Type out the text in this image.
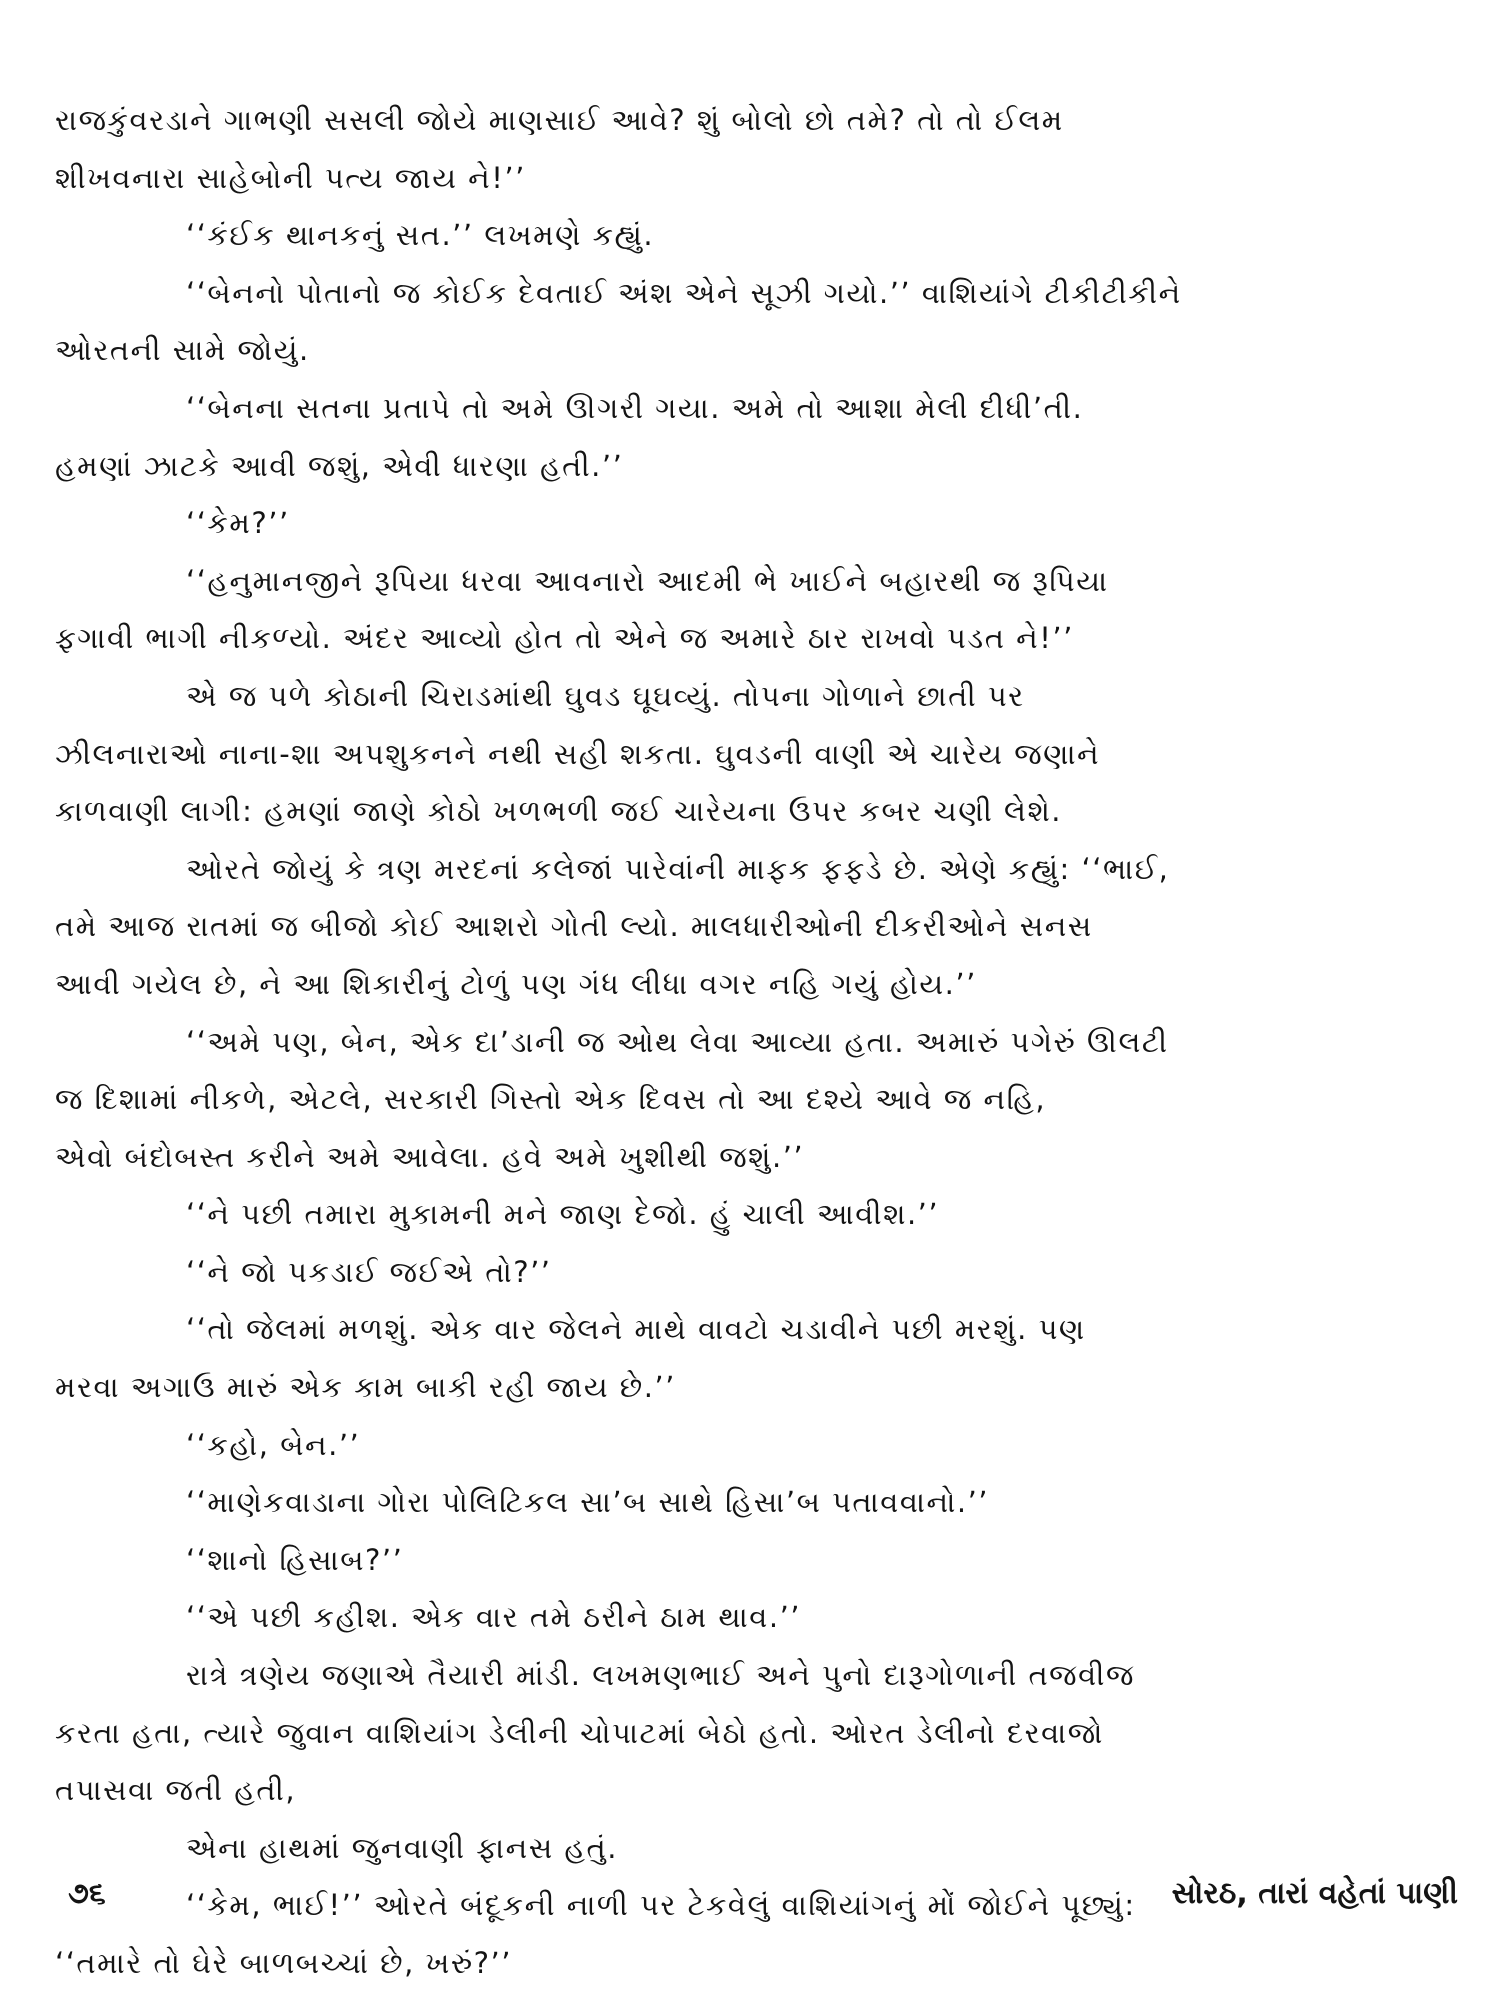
રાજકુંવરડાને ગાભણી સસલી જોયે માણસાઈ આવે? શું બોલો છો તમે? તો તો ઈલમ
શીખવનારા સાહેબોની પત્ય જાય ને!’’
‘‘કંઈક થાનકનું સત.’’ લખમણે કહ્યું.
‘‘બેનનો પોતાનો જ કોઈક દેવતાઈ અંશ એને સૂઝી ગયો.’’ વાશિયાંગે ટીકીટીકીને
ઓરતની સામે જોયું.
‘‘બેનના સતના પ્રતાપે તો અમે ઊગરી ગયા. અમે તો આશા મેલી દીધી’તી.
હમણાં ઝાટકે આવી જશું, એવી ધારણા હતી.’’
‘‘કેમ?’’
‘‘હનુમાનજીને રૂપિયા ધરવા આવનારો આદમી ભે ખાઈને બહારથી જ રૂપિયા
ફગાવી ભાગી નીકળ્યો. અંદર આવ્યો હોત તો એને જ અમારે ઠાર રાખવો પડત ને!’’
એ જ પળે કોઠાની ચિરાડમાંથી ઘુવડ ઘૂઘવ્યું. તોપના ગોળાને છાતી પર
ઝીલનારાઓ નાના-શા અપશુકનને નથી સહી શકતા. ઘુવડની વાણી એ ચારેય જણાને
કાળવાણી લાગી: હમણાં જાણે કોઠો ખળભળી જઈ ચારેયના ઉપર કબર ચણી લેશે.
ઓરતે જોયું કે ત્રણ મરદનાં કલેજાં પારેવાંની માફક ફફડે છે. એણે કહ્યું: ‘‘ભાઈ,
તમે આજ રાતમાં જ બીજો કોઈ આશરો ગોતી લ્યો. માલધારીઓની દીકરીઓને સનસ
આવી ગયેલ છે, ને આ શિકારીનું ટોળું પણ ગંધ લીધા વગર નહિ ગયું હોય.’’
‘‘અમે પણ, બેન, એક દા’ડાની જ ઓથ લેવા આવ્યા હતા. અમારું પગેરું ઊલટી
જ દિશામાં નીકળે, એટલે, સરકારી ગિસ્તો એક દિવસ તો આ દશ્યે આવે જ નહિ,
એવો બંદોબસ્ત કરીને અમે આવેલા. હવે અમે ખુશીથી જશું.’’
‘‘ને પછી તમારા મુકામની મને જાણ દેજો. હું ચાલી આવીશ.’’
‘‘ને જો પકડાઈ જઈએ તો?’’
‘‘તો જેલમાં મળશું. એક વાર જેલને માથે વાવટો ચડાવીને પછી મરશું. પણ
મરવા અગાઉ મારું એક કામ બાકી રહી જાય છે.’’
‘‘કહો, બેન.’’
‘‘માણેકવાડાના ગોરા પોલિટિકલ સા’બ સાથે હિસા’બ પતાવવાનો.’’
‘‘શાનો હિસાબ?’’
‘‘એ પછી કહીશ. એક વાર તમે ઠરીને ઠામ થાવ.’’
રાત્રે ત્રણેય જણાએ તૈયારી માંડી. લખમણભાઈ અને પુનો દારૂગોળાની તજવીજ
કરતા હતા, ત્યારે જુવાન વાશિયાંગ ડેલીની ચોપાટમાં બેઠો હતો. ઓરત ડેલીનો દરવાજો
તપાસવા જતી હતી,
એના હાથમાં જુનવાણી ફાનસ હતું.
‘‘કેમ, ભાઈ!’’ ઓરતે બંદૂકની નાળી પર ટેકવેલું વાશિયાંગનું મોં જોઈને પૂછ્યું:
‘‘તમારે તો ઘેરે બાળબચ્ચાં છે, ખરું?’’
૭૬	સોરઠ, તારાં વહેતાં પાણી
